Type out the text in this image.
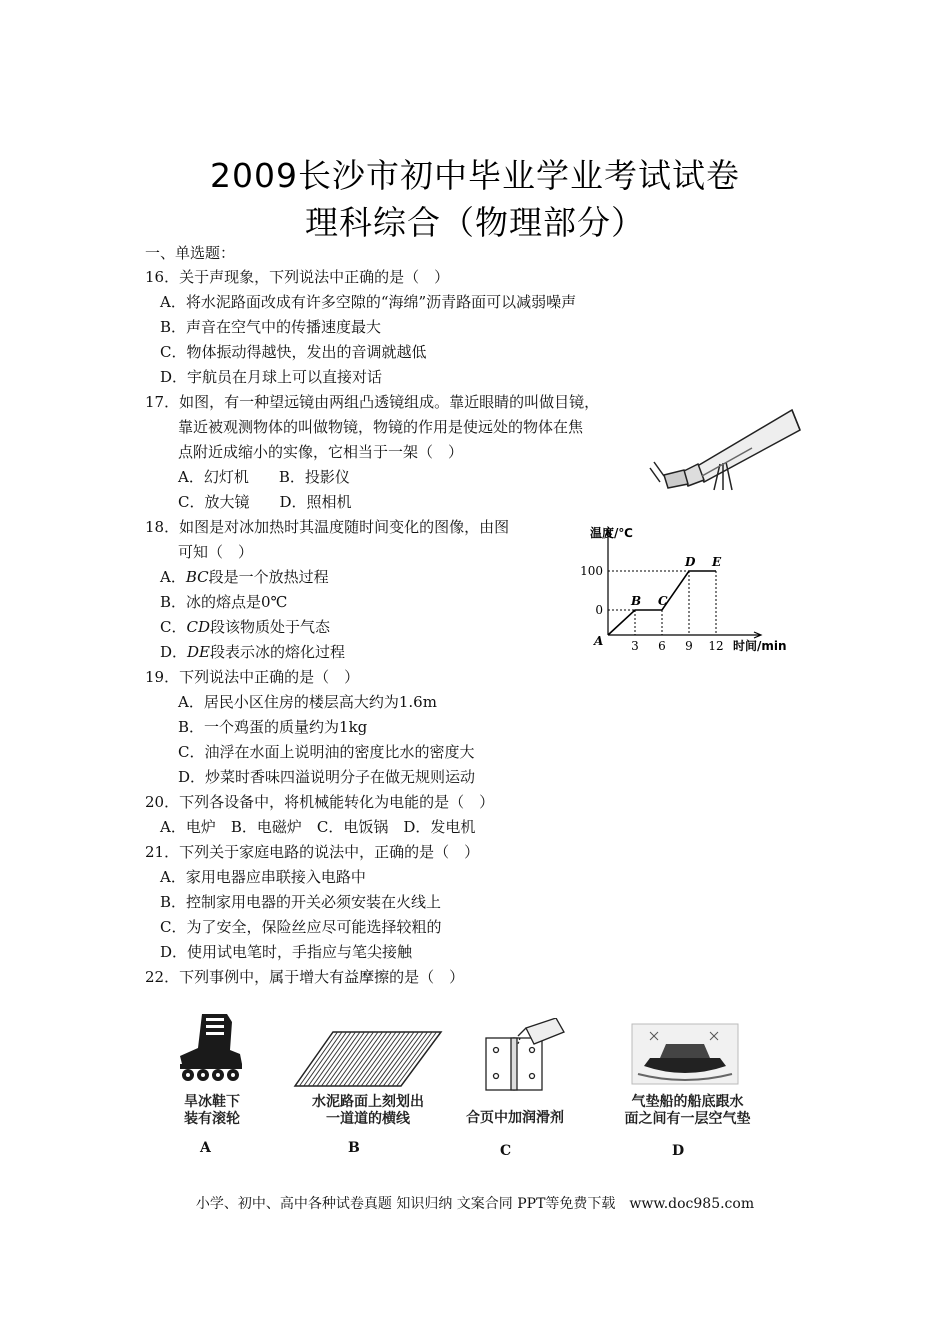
2009长沙市初中毕业学业考试试卷
理科综合（物理部分）
一、单选题：
16．关于声现象，下列说法中正确的是（　）
A．将水泥路面改成有许多空隙的“海绵”沥青路面可以减弱噪声
B．声音在空气中的传播速度最大
C．物体振动得越快，发出的音调就越低
D．宇航员在月球上可以直接对话
17．如图，有一种望远镜由两组凸透镜组成。靠近眼睛的叫做目镜，
靠近被观测物体的叫做物镜，物镜的作用是使远处的物体在焦
点附近成缩小的实像，它相当于一架（　）
A．幻灯机　　B．投影仪
C．放大镜　　D．照相机
18．如图是对冰加热时其温度随时间变化的图像，由图
可知（　）
A．BC段是一个放热过程
B．冰的熔点是0℃
C．CD段该物质处于气态
D．DE段表示冰的熔化过程
温度/℃
时间/min
0
100
3 6 9 12
A
B C
D E
19．下列说法中正确的是（　）
A．居民小区住房的楼层高大约为1.6m
B．一个鸡蛋的质量约为1kg
C．油浮在水面上说明油的密度比水的密度大
D．炒菜时香味四溢说明分子在做无规则运动
20．下列各设备中，将机械能转化为电能的是（　）
A．电炉　B．电磁炉　C．电饭锅　D．发电机
21．下列关于家庭电路的说法中，正确的是（　）
A．家用电器应串联接入电路中
B．控制家用电器的开关必须安装在火线上
C．为了安全，保险丝应尽可能选择较粗的
D．使用试电笔时，手指应与笔尖接触
22．下列事例中，属于增大有益摩擦的是（　）
旱冰鞋下
装有滚轮
水泥路面上刻划出
一道道的横线	合页中加润滑剂
气垫船的船底跟水
面之间有一层空气垫
A	B	C	D
小学、初中、高中各种试卷真题 知识归纳 文案合同 PPT等免费下载　www.doc985.com
